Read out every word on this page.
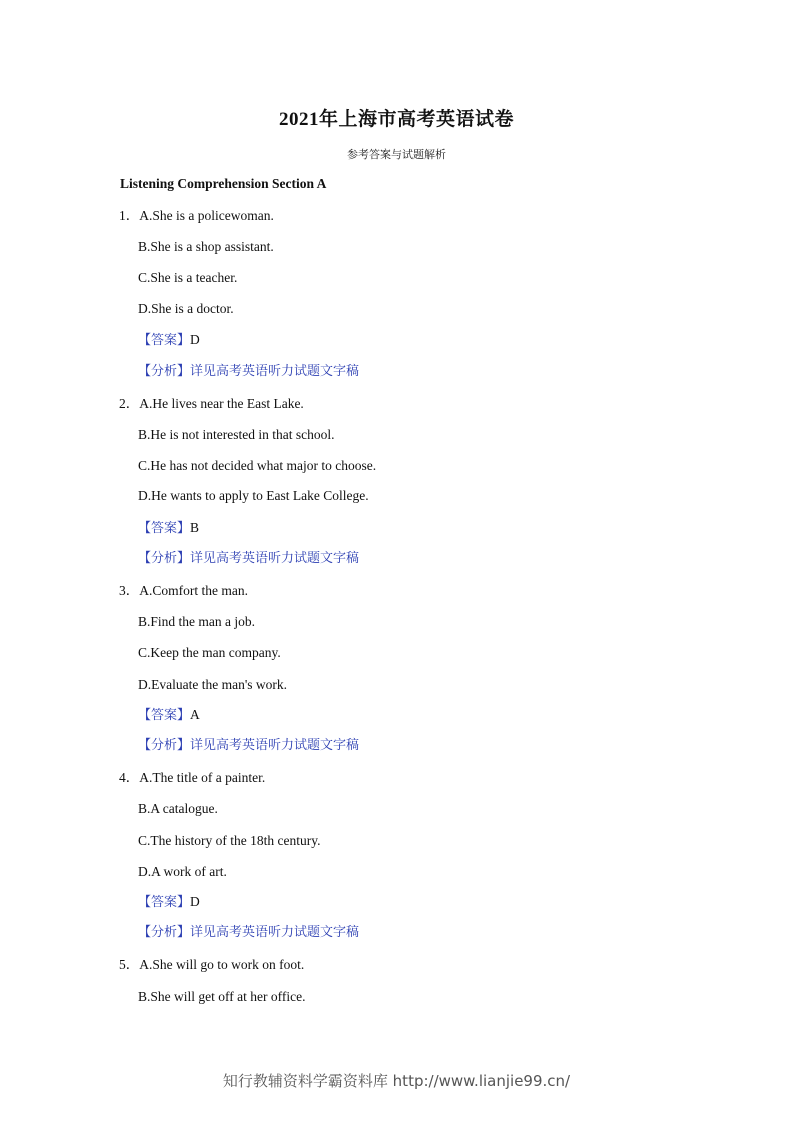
2021年上海市高考英语试卷
参考答案与试题解析
Listening Comprehension Section A
1．A.She is a policewoman.
B.She is a shop assistant.
C.She is a teacher.
D.She is a doctor.
【答案】D
【分析】详见高考英语听力试题文字稿
2．A.He lives near the East Lake.
B.He is not interested in that school.
C.He has not decided what major to choose.
D.He wants to apply to East Lake College.
【答案】B
【分析】详见高考英语听力试题文字稿
3．A.Comfort the man.
B.Find the man a job.
C.Keep the man company.
D.Evaluate the man's work.
【答案】A
【分析】详见高考英语听力试题文字稿
4．A.The title of a painter.
B.A catalogue.
C.The history of the 18th century.
D.A work of art.
【答案】D
【分析】详见高考英语听力试题文字稿
5．A.She will go to work on foot.
B.She will get off at her office.
知行教辅资料学霸资料库 http://www.lianjie99.cn/
